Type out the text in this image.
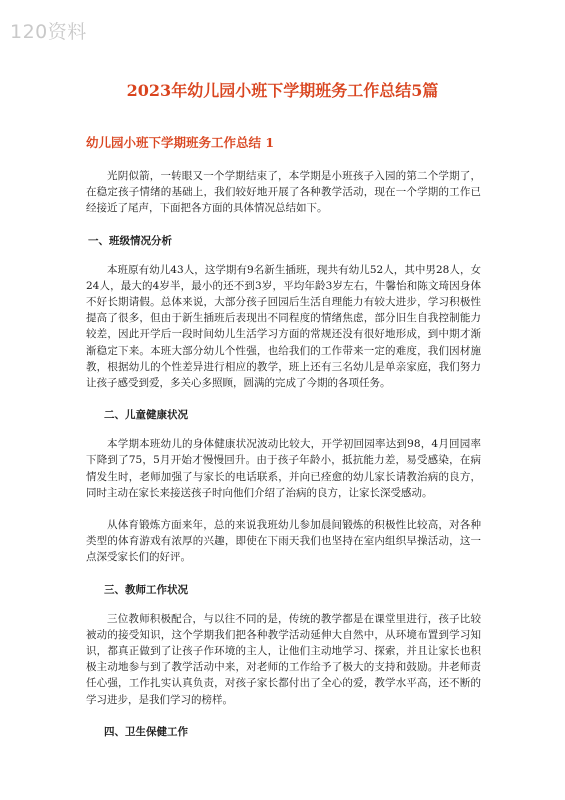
120资料
2023年幼儿园小班下学期班务工作总结5篇
幼儿园小班下学期班务工作总结 1

光阴似箭，一转眼又一个学期结束了，本学期是小班孩子入园的第二个学期了，在稳定孩子情绪的基础上，我们较好地开展了各种教学活动，现在一个学期的工作已经接近了尾声，下面把各方面的具体情况总结如下。

一、班级情况分析

本班原有幼儿43人，这学期有9名新生插班，现共有幼儿52人，其中男28人，女24人，最大的4岁半，最小的还不到3岁，平均年龄3岁左右，牛馨怡和陈文琦因身体不好长期请假。总体来说，大部分孩子回园后生活自理能力有较大进步，学习积极性提高了很多，但由于新生插班后表现出不同程度的情绪焦虑，部分旧生自我控制能力较差，因此开学后一段时间幼儿生活学习方面的常规还没有很好地形成，到中期才渐渐稳定下来。本班大部分幼儿个性强，也给我们的工作带来一定的难度，我们因材施教，根据幼儿的个性差异进行相应的教学，班上还有三名幼儿是单亲家庭，我们努力让孩子感受到爱，多关心多照顾，圆满的完成了今期的各项任务。

二、儿童健康状况

本学期本班幼儿的身体健康状况波动比较大，开学初回园率达到98，4月回园率下降到了75，5月开始才慢慢回升。由于孩子年龄小，抵抗能力差，易受感染，在病情发生时，老师加强了与家长的电话联系，并向已痊愈的幼儿家长请教治病的良方，同时主动在家长来接送孩子时向他们介绍了治病的良方，让家长深受感动。

从体育锻炼方面来年，总的来说我班幼儿参加晨间锻炼的积极性比较高，对各种类型的体育游戏有浓厚的兴趣，即使在下雨天我们也坚持在室内组织早操活动，这一点深受家长们的好评。

三、教师工作状况

三位教师积极配合，与以往不同的是，传统的教学都是在课堂里进行，孩子比较被动的接受知识，这个学期我们把各种教学活动延伸大自然中，从环境布置到学习知识，都真正做到了让孩子作环境的主人，让他们主动地学习、探索，并且让家长也积极主动地参与到了教学活动中来，对老师的工作给予了极大的支持和鼓励。井老师责任心强，工作扎实认真负责，对孩子家长都付出了全心的爱，教学水平高，还不断的学习进步，是我们学习的榜样。

四、卫生保健工作
